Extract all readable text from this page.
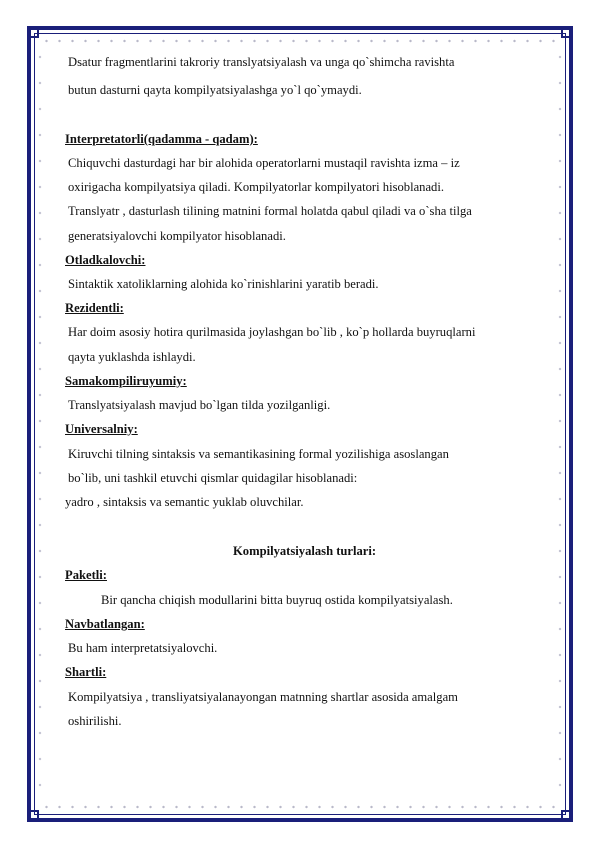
Dsatur fragmentlarini takroriy translyatsiyalash va unga qo`shimcha ravishta
butun dasturni qayta kompilyatsiyalashga yo`l qo`ymaydi.
Interpretatorli(qadamma - qadam):
Chiquvchi dasturdagi har bir alohida operatorlarni mustaqil ravishta izma – iz
oxirigacha kompilyatsiya qiladi. Kompilyatorlar kompilyatori hisoblanadi.
Translyatr , dasturlash tilining matnini formal holatda qabul qiladi va o`sha tilga
generatsiyalovchi kompilyator hisoblanadi.
Otladkalovchi:
Sintaktik xatoliklarning alohida ko`rinishlarini yaratib beradi.
Rezidentli:
Har doim asosiy hotira qurilmasida joylashgan bo`lib , ko`p hollarda buyruqlarni
qayta yuklashda ishlaydi.
Samakompiliruyumiy:
Translyatsiyalash mavjud bo`lgan tilda yozilganligi.
Universalniy:
Kiruvchi tilning sintaksis va semantikasining formal yozilishiga asoslangan
bo`lib, uni tashkil etuvchi qismlar quidagilar hisoblanadi:
yadro , sintaksis va semantic yuklab oluvchilar.
Kompilyatsiyalash turlari:
Paketli:
Bir qancha chiqish modullarini bitta buyruq ostida kompilyatsiyalash.
Navbatlangan:
Bu ham interpretatsiyalovchi.
Shartli:
Kompilyatsiya , transliyatsiyalanayongan matnning shartlar asosida amalgam
oshirilishi.
